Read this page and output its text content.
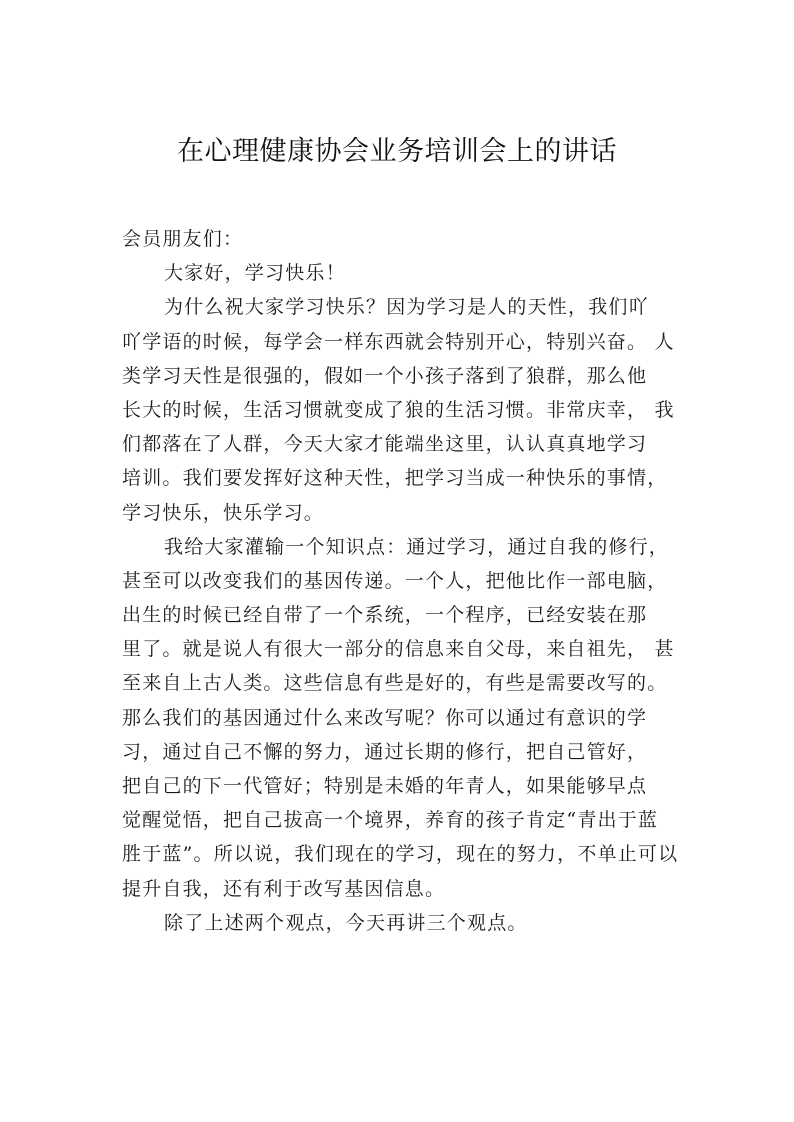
在心理健康协会业务培训会上的讲话
会员朋友们：
大家好，学习快乐！
为什么祝大家学习快乐？因为学习是人的天性，我们吖
吖学语的时候，每学会一样东西就会特别开心，特别兴奋。 人
类学习天性是很强的，假如一个小孩子落到了狼群，那么他
长大的时候，生活习惯就变成了狼的生活习惯。非常庆幸， 我
们都落在了人群，今天大家才能端坐这里，认认真真地学习
培训。我们要发挥好这种天性，把学习当成一种快乐的事情，
学习快乐，快乐学习。
我给大家灌输一个知识点：通过学习，通过自我的修行，
甚至可以改变我们的基因传递。一个人，把他比作一部电脑，
出生的时候已经自带了一个系统，一个程序，已经安装在那
里了。就是说人有很大一部分的信息来自父母，来自祖先， 甚
至来自上古人类。这些信息有些是好的，有些是需要改写的。
那么我们的基因通过什么来改写呢？你可以通过有意识的学
习，通过自己不懈的努力，通过长期的修行，把自己管好，
把自己的下一代管好；特别是未婚的年青人，如果能够早点
觉醒觉悟，把自己拔高一个境界，养育的孩子肯定“青出于蓝
胜于蓝”。所以说，我们现在的学习，现在的努力，不单止可以
提升自我，还有利于改写基因信息。
除了上述两个观点，今天再讲三个观点。
